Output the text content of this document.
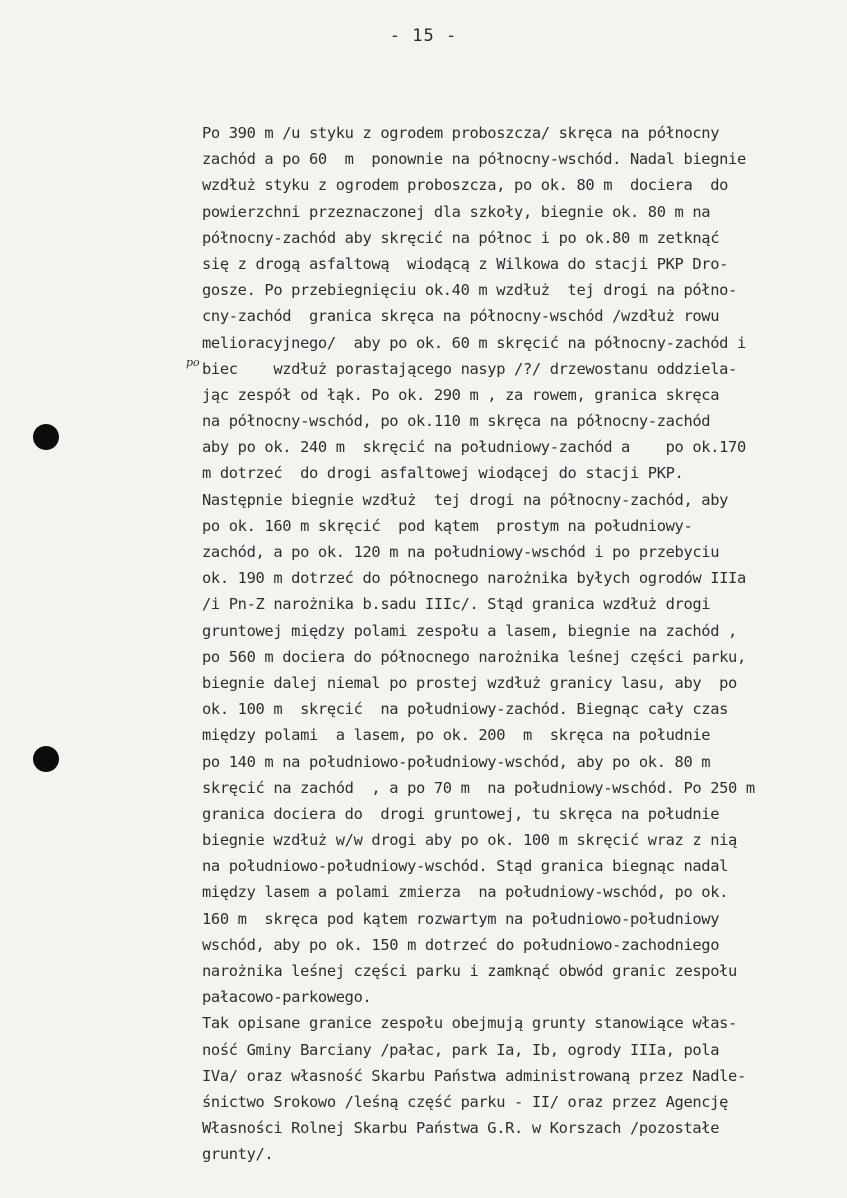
- 15 -
po
Po 390 m /u styku z ogrodem proboszcza/ skręca na północny
zachód a po 60  m  ponownie na północny-wschód. Nadal biegnie
wzdłuż styku z ogrodem proboszcza, po ok. 80 m  dociera  do
powierzchni przeznaczonej dla szkoły, biegnie ok. 80 m na
północny-zachód aby skręcić na północ i po ok.80 m zetknąć
się z drogą asfaltową  wiodącą z Wilkowa do stacji PKP Dro-
gosze. Po przebiegnięciu ok.40 m wzdłuż  tej drogi na półno-
cny-zachód  granica skręca na północny-wschód /wzdłuż rowu
melioracyjnego/  aby po ok. 60 m skręcić na północny-zachód i
biec    wzdłuż porastającego nasyp /?/ drzewostanu oddziela-
jąc zespół od łąk. Po ok. 290 m , za rowem, granica skręca
na północny-wschód, po ok.110 m skręca na północny-zachód
aby po ok. 240 m  skręcić na południowy-zachód a    po ok.170
m dotrzeć  do drogi asfaltowej wiodącej do stacji PKP.
Następnie biegnie wzdłuż  tej drogi na północny-zachód, aby
po ok. 160 m skręcić  pod kątem  prostym na południowy-
zachód, a po ok. 120 m na południowy-wschód i po przebyciu
ok. 190 m dotrzeć do północnego narożnika byłych ogrodów IIIa
/i Pn-Z narożnika b.sadu IIIc/. Stąd granica wzdłuż drogi
gruntowej między polami zespołu a lasem, biegnie na zachód ,
po 560 m dociera do północnego narożnika leśnej części parku,
biegnie dalej niemal po prostej wzdłuż granicy lasu, aby  po
ok. 100 m  skręcić  na południowy-zachód. Biegnąc cały czas
między polami  a lasem, po ok. 200  m  skręca na południe
po 140 m na południowo-południowy-wschód, aby po ok. 80 m
skręcić na zachód  , a po 70 m  na południowy-wschód. Po 250 m
granica dociera do  drogi gruntowej, tu skręca na południe
biegnie wzdłuż w/w drogi aby po ok. 100 m skręcić wraz z nią
na południowo-południowy-wschód. Stąd granica biegnąc nadal
między lasem a polami zmierza  na południowy-wschód, po ok.
160 m  skręca pod kątem rozwartym na południowo-południowy
wschód, aby po ok. 150 m dotrzeć do południowo-zachodniego
narożnika leśnej części parku i zamknąć obwód granic zespołu
pałacowo-parkowego.
Tak opisane granice zespołu obejmują grunty stanowiące włas-
ność Gminy Barciany /pałac, park Ia, Ib, ogrody IIIa, pola
IVa/ oraz własność Skarbu Państwa administrowaną przez Nadle-
śnictwo Srokowo /leśną część parku - II/ oraz przez Agencję
Własności Rolnej Skarbu Państwa G.R. w Korszach /pozostałe
grunty/.
